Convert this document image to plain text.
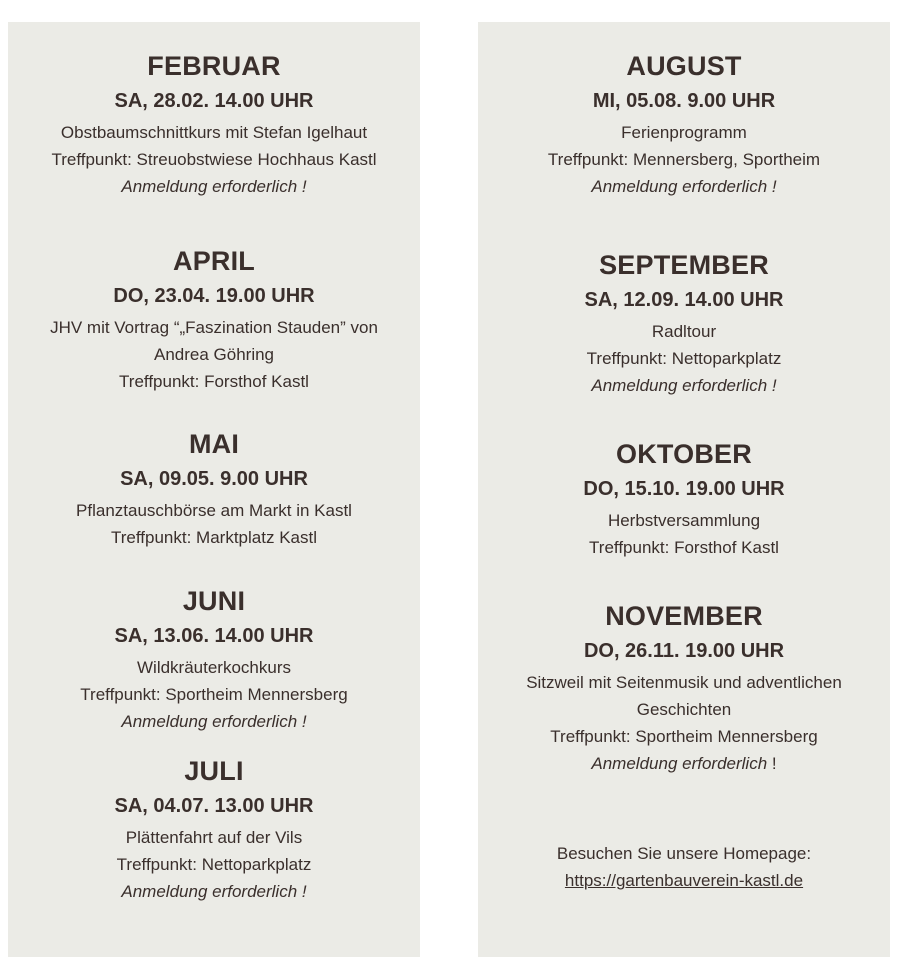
FEBRUAR
SA, 28.02. 14.00 UHR
Obstbaumschnittkurs mit Stefan Igelhaut
Treffpunkt: Streuobstwiese Hochhaus Kastl
Anmeldung erforderlich !
APRIL
DO, 23.04. 19.00 UHR
JHV mit Vortrag “„Faszination Stauden” von
Andrea Göhring
Treffpunkt: Forsthof Kastl
MAI
SA, 09.05. 9.00 UHR
Pflanztauschbörse am Markt in Kastl
Treffpunkt: Marktplatz Kastl
JUNI
SA, 13.06. 14.00 UHR
Wildkräuterkochkurs
Treffpunkt: Sportheim Mennersberg
Anmeldung erforderlich !
JULI
SA, 04.07. 13.00 UHR
Plättenfahrt auf der Vils
Treffpunkt: Nettoparkplatz
Anmeldung erforderlich !
AUGUST
MI, 05.08. 9.00 UHR
Ferienprogramm
Treffpunkt: Mennersberg, Sportheim
Anmeldung erforderlich !
SEPTEMBER
SA, 12.09. 14.00 UHR
Radltour
Treffpunkt: Nettoparkplatz
Anmeldung erforderlich !
OKTOBER
DO, 15.10. 19.00 UHR
Herbstversammlung
Treffpunkt: Forsthof Kastl
NOVEMBER
DO, 26.11. 19.00 UHR
Sitzweil mit Seitenmusik und adventlichen
Geschichten
Treffpunkt: Sportheim Mennersberg
Anmeldung erforderlich !
Besuchen Sie unsere Homepage:
https://gartenbauverein-kastl.de
